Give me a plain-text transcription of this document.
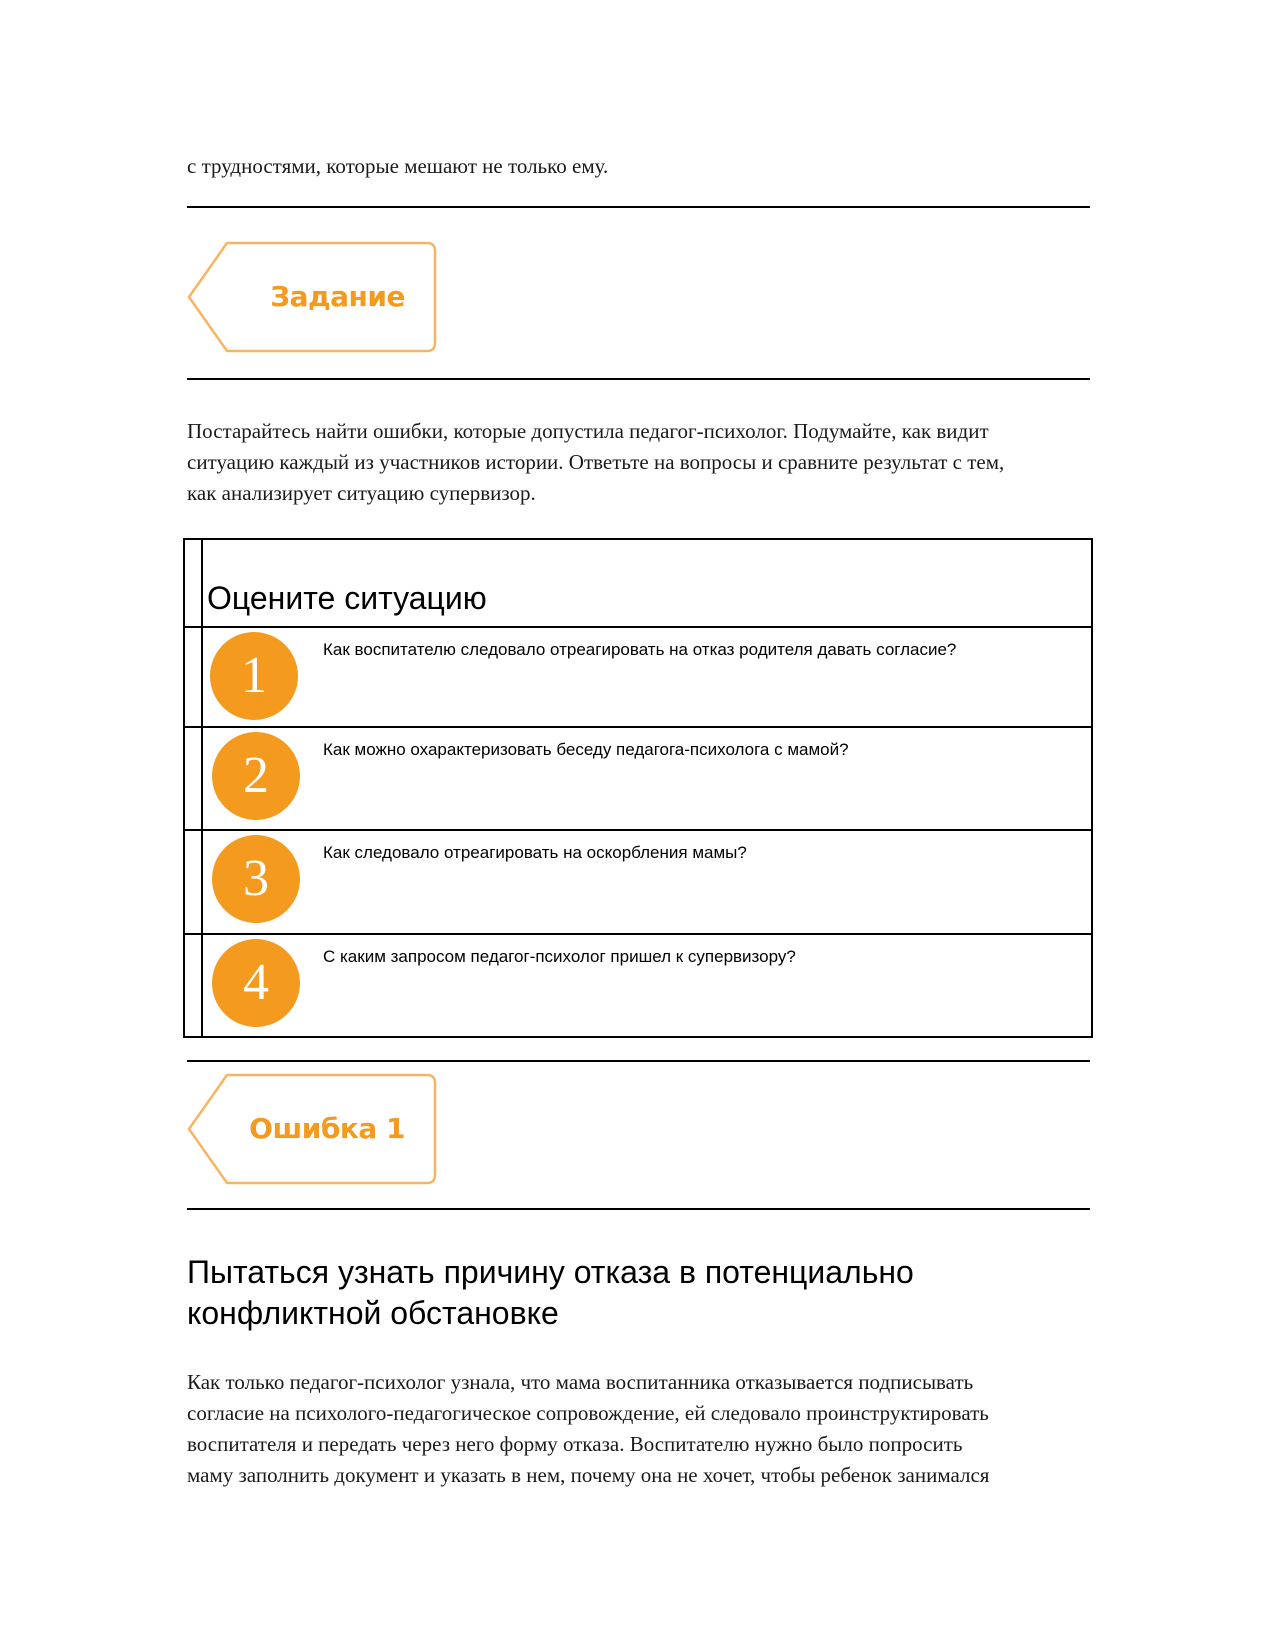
с трудностями, которые мешают не только ему.
Задание
Постарайтесь найти ошибки, которые допустила педагог-психолог. Подумайте, как видит
ситуацию каждый из участников истории. Ответьте на вопросы и сравните результат с тем,
как анализирует ситуацию супервизор.
Оцените ситуацию
1	Как воспитателю следовало отреагировать на отказ родителя давать согласие?
2	Как можно охарактеризовать беседу педагога-психолога с мамой?
3	Как следовало отреагировать на оскорбления мамы?
4	С каким запросом педагог-психолог пришел к супервизору?
Ошибка 1
Пытаться узнать причину отказа в потенциально
конфликтной обстановке
Как только педагог-психолог узнала, что мама воспитанника отказывается подписывать
согласие на психолого-педагогическое сопровождение, ей следовало проинструктировать
воспитателя и передать через него форму отказа. Воспитателю нужно было попросить
маму заполнить документ и указать в нем, почему она не хочет, чтобы ребенок занимался
